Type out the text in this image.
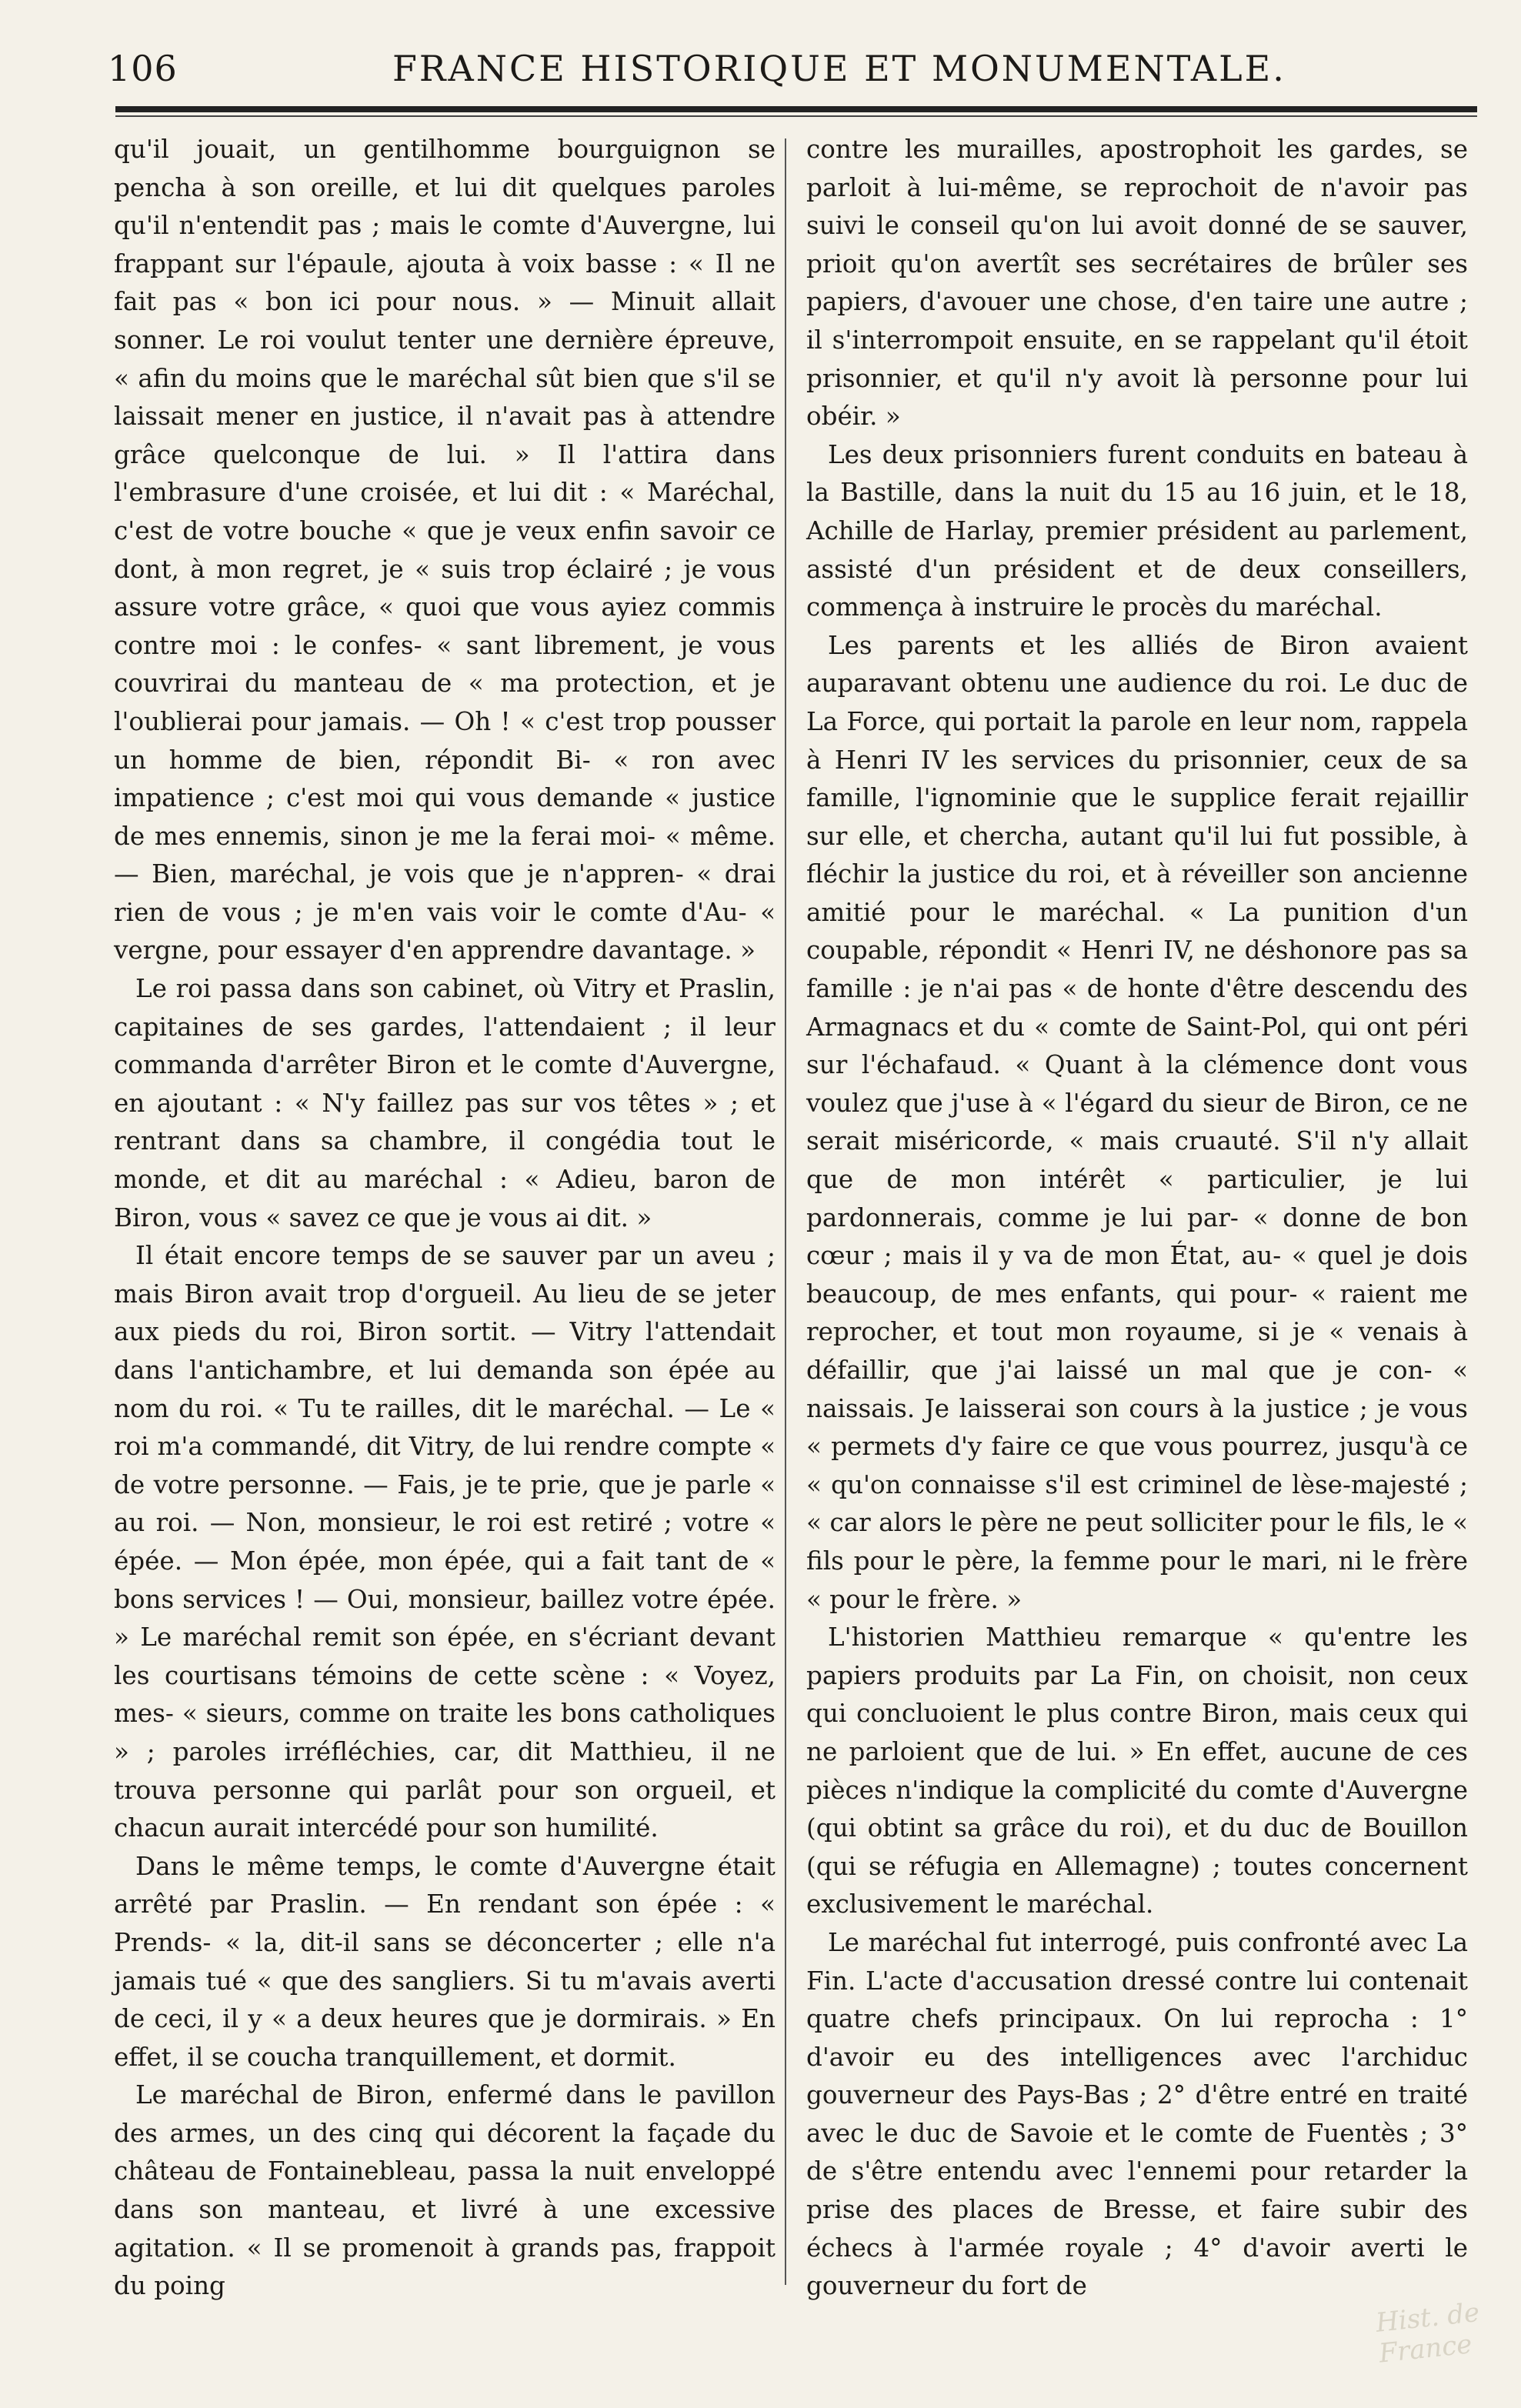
106	FRANCE HISTORIQUE ET MONUMENTALE.

qu'il jouait, un gentilhomme bourguignon se pencha à son oreille, et lui dit quelques paroles qu'il n'entendit pas ; mais le comte d'Auvergne, lui frappant sur l'épaule, ajouta à voix basse : « Il ne fait pas « bon ici pour nous. » — Minuit allait sonner. Le roi voulut tenter une dernière épreuve, « afin du moins que le maréchal sût bien que s'il se laissait mener en justice, il n'avait pas à attendre grâce quelconque de lui. » Il l'attira dans l'embrasure d'une croisée, et lui dit : « Maréchal, c'est de votre bouche « que je veux enfin savoir ce dont, à mon regret, je « suis trop éclairé ; je vous assure votre grâce, « quoi que vous ayiez commis contre moi : le confes- « sant librement, je vous couvrirai du manteau de « ma protection, et je l'oublierai pour jamais. — Oh ! « c'est trop pousser un homme de bien, répondit Bi- « ron avec impatience ; c'est moi qui vous demande « justice de mes ennemis, sinon je me la ferai moi- « même. — Bien, maréchal, je vois que je n'appren- « drai rien de vous ; je m'en vais voir le comte d'Au- « vergne, pour essayer d'en apprendre davantage. »

Le roi passa dans son cabinet, où Vitry et Praslin, capitaines de ses gardes, l'attendaient ; il leur commanda d'arrêter Biron et le comte d'Auvergne, en ajoutant : « N'y faillez pas sur vos têtes » ; et rentrant dans sa chambre, il congédia tout le monde, et dit au maréchal : « Adieu, baron de Biron, vous « savez ce que je vous ai dit. »

Il était encore temps de se sauver par un aveu ; mais Biron avait trop d'orgueil. Au lieu de se jeter aux pieds du roi, Biron sortit. — Vitry l'attendait dans l'antichambre, et lui demanda son épée au nom du roi. « Tu te railles, dit le maréchal. — Le « roi m'a commandé, dit Vitry, de lui rendre compte « de votre personne. — Fais, je te prie, que je parle « au roi. — Non, monsieur, le roi est retiré ; votre « épée. — Mon épée, mon épée, qui a fait tant de « bons services ! — Oui, monsieur, baillez votre épée. » Le maréchal remit son épée, en s'écriant devant les courtisans témoins de cette scène : « Voyez, mes- « sieurs, comme on traite les bons catholiques » ; paroles irréfléchies, car, dit Matthieu, il ne trouva personne qui parlât pour son orgueil, et chacun aurait intercédé pour son humilité.

Dans le même temps, le comte d'Auvergne était arrêté par Praslin. — En rendant son épée : « Prends- « la, dit-il sans se déconcerter ; elle n'a jamais tué « que des sangliers. Si tu m'avais averti de ceci, il y « a deux heures que je dormirais. » En effet, il se coucha tranquillement, et dormit.

Le maréchal de Biron, enfermé dans le pavillon des armes, un des cinq qui décorent la façade du château de Fontainebleau, passa la nuit enveloppé dans son manteau, et livré à une excessive agitation. « Il se promenoit à grands pas, frappoit du poing

contre les murailles, apostrophoit les gardes, se parloit à lui-même, se reprochoit de n'avoir pas suivi le conseil qu'on lui avoit donné de se sauver, prioit qu'on avertît ses secrétaires de brûler ses papiers, d'avouer une chose, d'en taire une autre ; il s'interrompoit ensuite, en se rappelant qu'il étoit prisonnier, et qu'il n'y avoit là personne pour lui obéir. »

Les deux prisonniers furent conduits en bateau à la Bastille, dans la nuit du 15 au 16 juin, et le 18, Achille de Harlay, premier président au parlement, assisté d'un président et de deux conseillers, commença à instruire le procès du maréchal.

Les parents et les alliés de Biron avaient auparavant obtenu une audience du roi. Le duc de La Force, qui portait la parole en leur nom, rappela à Henri IV les services du prisonnier, ceux de sa famille, l'ignominie que le supplice ferait rejaillir sur elle, et chercha, autant qu'il lui fut possible, à fléchir la justice du roi, et à réveiller son ancienne amitié pour le maréchal. « La punition d'un coupable, répondit « Henri IV, ne déshonore pas sa famille : je n'ai pas « de honte d'être descendu des Armagnacs et du « comte de Saint-Pol, qui ont péri sur l'échafaud. « Quant à la clémence dont vous voulez que j'use à « l'égard du sieur de Biron, ce ne serait miséricorde, « mais cruauté. S'il n'y allait que de mon intérêt « particulier, je lui pardonnerais, comme je lui par- « donne de bon cœur ; mais il y va de mon État, au- « quel je dois beaucoup, de mes enfants, qui pour- « raient me reprocher, et tout mon royaume, si je « venais à défaillir, que j'ai laissé un mal que je con- « naissais. Je laisserai son cours à la justice ; je vous « permets d'y faire ce que vous pourrez, jusqu'à ce « qu'on connaisse s'il est criminel de lèse-majesté ; « car alors le père ne peut solliciter pour le fils, le « fils pour le père, la femme pour le mari, ni le frère « pour le frère. »

L'historien Matthieu remarque « qu'entre les papiers produits par La Fin, on choisit, non ceux qui concluoient le plus contre Biron, mais ceux qui ne parloient que de lui. » En effet, aucune de ces pièces n'indique la complicité du comte d'Auvergne (qui obtint sa grâce du roi), et du duc de Bouillon (qui se réfugia en Allemagne) ; toutes concernent exclusivement le maréchal.

Le maréchal fut interrogé, puis confronté avec La Fin. L'acte d'accusation dressé contre lui contenait quatre chefs principaux. On lui reprocha : 1° d'avoir eu des intelligences avec l'archiduc gouverneur des Pays-Bas ; 2° d'être entré en traité avec le duc de Savoie et le comte de Fuentès ; 3° de s'être entendu avec l'ennemi pour retarder la prise des places de Bresse, et faire subir des échecs à l'armée royale ; 4° d'avoir averti le gouverneur du fort de

Hist. de France
